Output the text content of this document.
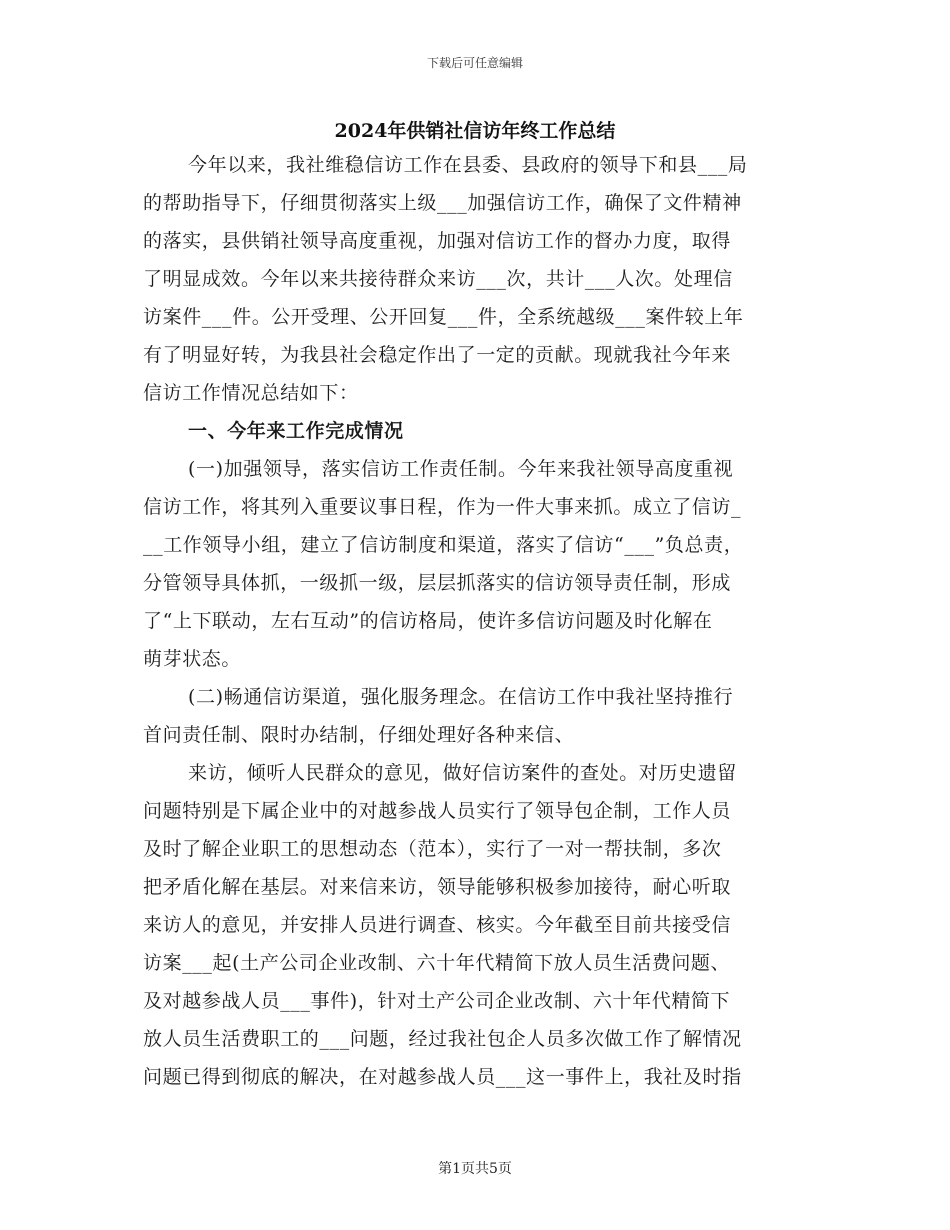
下载后可任意编辑
2024年供销社信访年终工作总结
今年以来，我社维稳信访工作在县委、县政府的领导下和县___局
的帮助指导下，仔细贯彻落实上级___加强信访工作，确保了文件精神
的落实，县供销社领导高度重视，加强对信访工作的督办力度，取得
了明显成效。今年以来共接待群众来访___次，共计___人次。处理信
访案件___件。公开受理、公开回复___件，全系统越级___案件较上年
有了明显好转，为我县社会稳定作出了一定的贡献。现就我社今年来
信访工作情况总结如下：
一、今年来工作完成情况
(一)加强领导，落实信访工作责任制。今年来我社领导高度重视
信访工作，将其列入重要议事日程，作为一件大事来抓。成立了信访_
__工作领导小组，建立了信访制度和渠道，落实了信访“___”负总责，
分管领导具体抓，一级抓一级，层层抓落实的信访领导责任制，形成
了“上下联动，左右互动”的信访格局，使许多信访问题及时化解在
萌芽状态。
(二)畅通信访渠道，强化服务理念。在信访工作中我社坚持推行
首问责任制、限时办结制，仔细处理好各种来信、
来访，倾听人民群众的意见，做好信访案件的查处。对历史遗留
问题特别是下属企业中的对越参战人员实行了领导包企制，工作人员
及时了解企业职工的思想动态（范本），实行了一对一帮扶制，多次
把矛盾化解在基层。对来信来访，领导能够积极参加接待，耐心听取
来访人的意见，并安排人员进行调查、核实。今年截至目前共接受信
访案___起(土产公司企业改制、六十年代精简下放人员生活费问题、
及对越参战人员___事件)，针对土产公司企业改制、六十年代精简下
放人员生活费职工的___问题，经过我社包企人员多次做工作了解情况
问题已得到彻底的解决，在对越参战人员___这一事件上，我社及时指
第1页共5页
